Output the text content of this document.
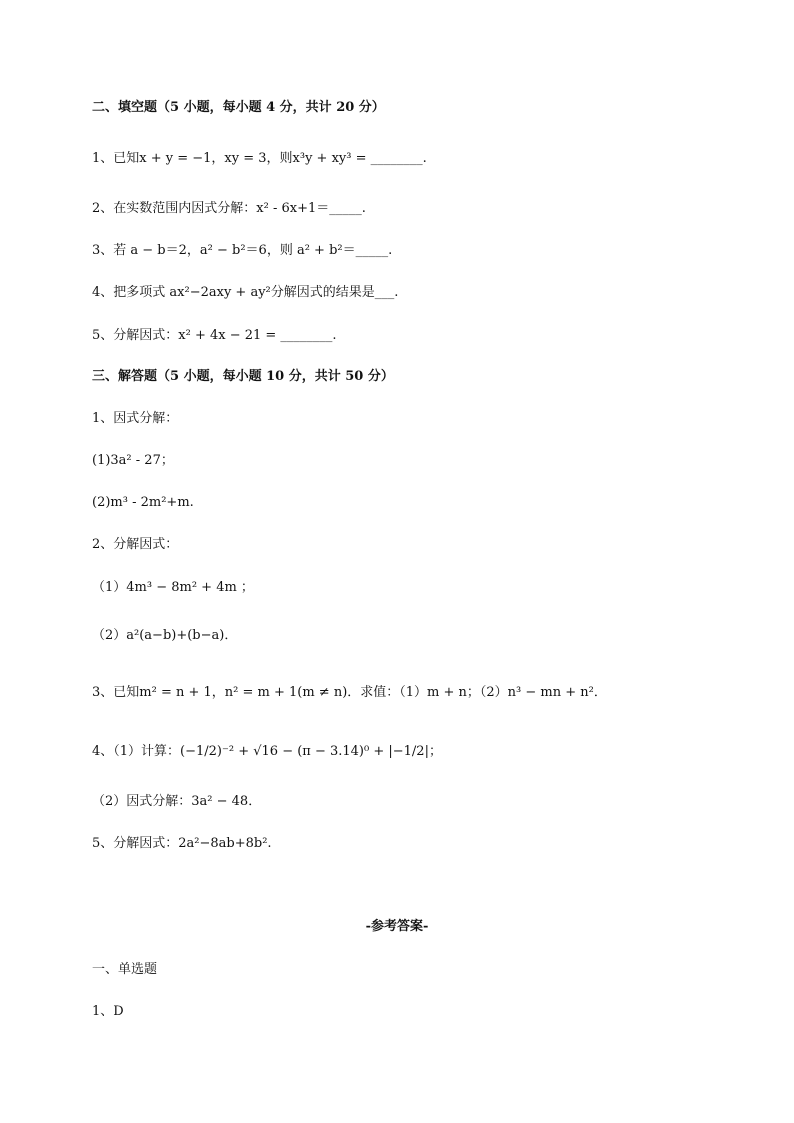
二、填空题（5 小题，每小题 4 分，共计 20 分）
1、已知x + y = −1，xy = 3，则x³y + xy³ = ________.
2、在实数范围内因式分解：x² - 6x+1＝_____.
3、若 a − b＝2，a² − b²＝6，则 a² + b²＝_____.
4、把多项式 ax²−2axy + ay²分解因式的结果是___.
5、分解因式：x² + 4x − 21 = ________.
三、解答题（5 小题，每小题 10 分，共计 50 分）
1、因式分解：
(1)3a² - 27；
(2)m³ - 2m²+m.
2、分解因式：
（1）4m³ − 8m² + 4m ；
（2）a²(a−b)+(b−a)．
3、已知m² = n + 1，n² = m + 1(m ≠ n)．求值：（1）m + n；（2）n³ − mn + n²．
4、（1）计算：(−1/2)⁻² + √16 − (π − 3.14)⁰ + |−1/2|；
（2）因式分解：3a² − 48．
5、分解因式：2a²−8ab+8b².
-参考答案-
一、单选题
1、D
